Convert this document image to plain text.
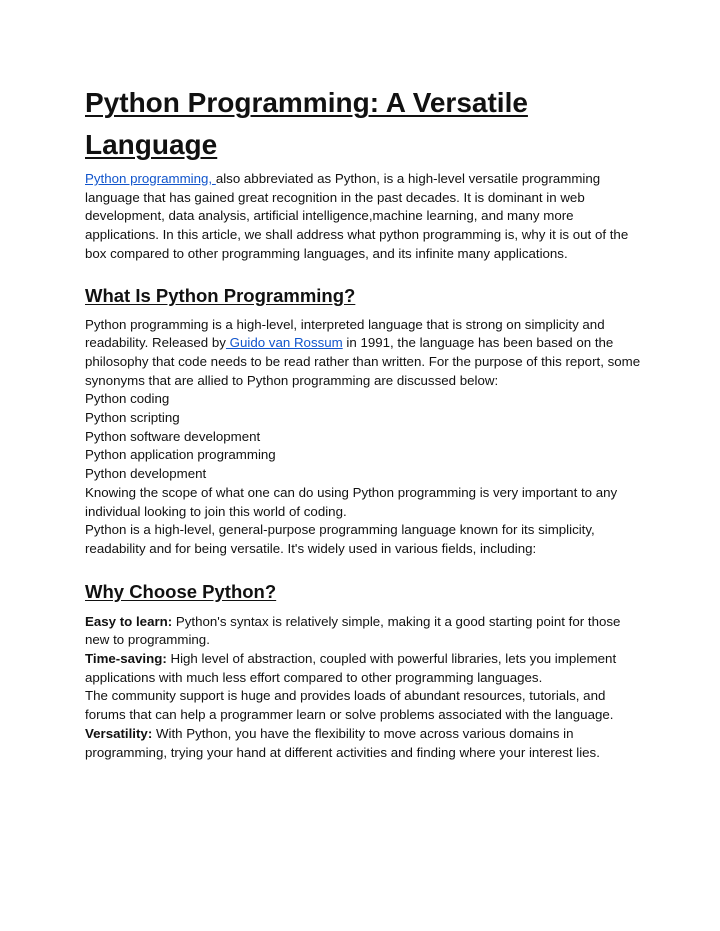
Python Programming: A Versatile Language

Python programming, also abbreviated as Python, is a high-level versatile programming language that has gained great recognition in the past decades. It is dominant in web development, data analysis, artificial intelligence,machine learning, and many more applications. In this article, we shall address what python programming is, why it is out of the box compared to other programming languages, and its infinite many applications.

What Is Python Programming?

Python programming is a high-level, interpreted language that is strong on simplicity and readability. Released by Guido van Rossum in 1991, the language has been based on the philosophy that code needs to be read rather than written. For the purpose of this report, some synonyms that are allied to Python programming are discussed below:

Python coding
Python scripting
Python software development
Python application programming
Python development

Knowing the scope of what one can do using Python programming is very important to any individual looking to join this world of coding.

Python is a high-level, general-purpose programming language known for its simplicity, readability and for being versatile. It's widely used in various fields, including:

Why Choose Python?

Easy to learn: Python's syntax is relatively simple, making it a good starting point for those new to programming.

Time-saving: High level of abstraction, coupled with powerful libraries, lets you implement applications with much less effort compared to other programming languages.

The community support is huge and provides loads of abundant resources, tutorials, and forums that can help a programmer learn or solve problems associated with the language.

Versatility: With Python, you have the flexibility to move across various domains in programming, trying your hand at different activities and finding where your interest lies.
